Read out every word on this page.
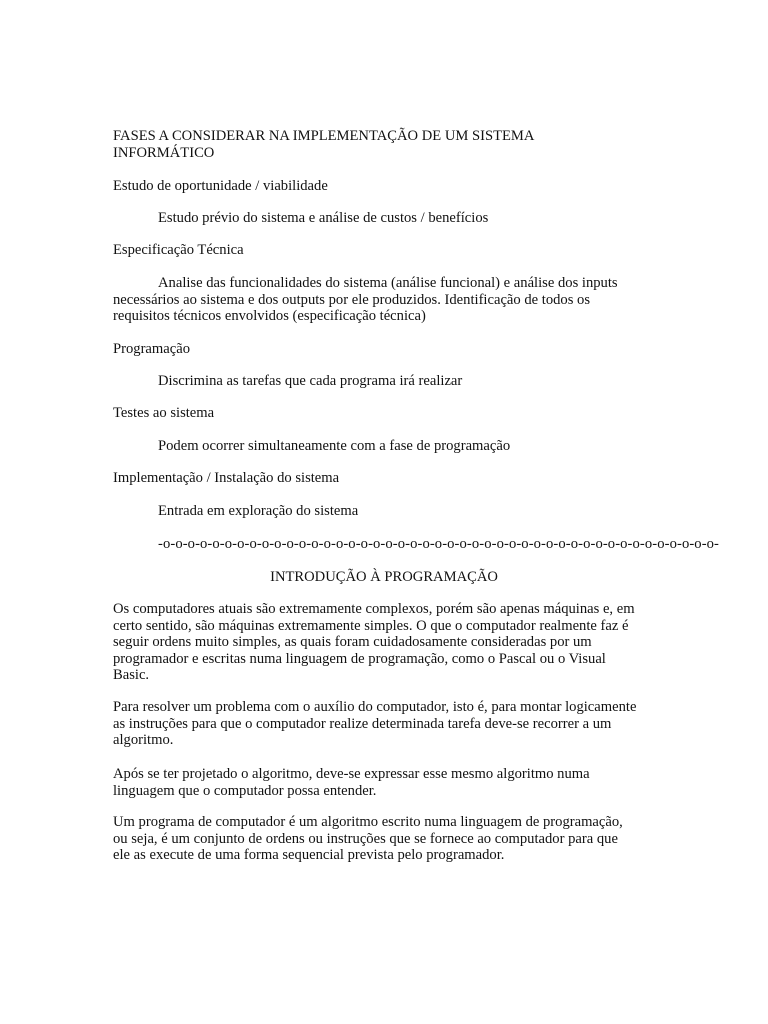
FASES A CONSIDERAR NA IMPLEMENTAÇÃO DE UM SISTEMA
INFORMÁTICO

Estudo de oportunidade / viabilidade

Estudo prévio do sistema e análise de custos / benefícios

Especificação Técnica

Analise das funcionalidades do sistema (análise funcional) e análise dos inputs
necessários ao sistema e dos outputs por ele produzidos. Identificação de todos os
requisitos técnicos envolvidos (especificação técnica)

Programação

Discrimina as tarefas que cada programa irá realizar

Testes ao sistema

Podem ocorrer simultaneamente com a fase de programação

Implementação / Instalação do sistema

Entrada em exploração do sistema

-o-o-o-o-o-o-o-o-o-o-o-o-o-o-o-o-o-o-o-o-o-o-o-o-o-o-o-o-o-o-o-o-o-o-o-o-o-o-o-o-o-o-o-o-o-

INTRODUÇÃO À PROGRAMAÇÃO

Os computadores atuais são extremamente complexos, porém são apenas máquinas e, em
certo sentido, são máquinas extremamente simples. O que o computador realmente faz é
seguir ordens muito simples, as quais foram cuidadosamente consideradas por um
programador e escritas numa linguagem de programação, como o Pascal ou o Visual
Basic.

Para resolver um problema com o auxílio do computador, isto é, para montar logicamente
as instruções para que o computador realize determinada tarefa deve-se recorrer a um
algoritmo.

Após se ter projetado o algoritmo, deve-se expressar esse mesmo algoritmo numa
linguagem que o computador possa entender.

Um programa de computador é um algoritmo escrito numa linguagem de programação,
ou seja, é um conjunto de ordens ou instruções que se fornece ao computador para que
ele as execute de uma forma sequencial prevista pelo programador.
